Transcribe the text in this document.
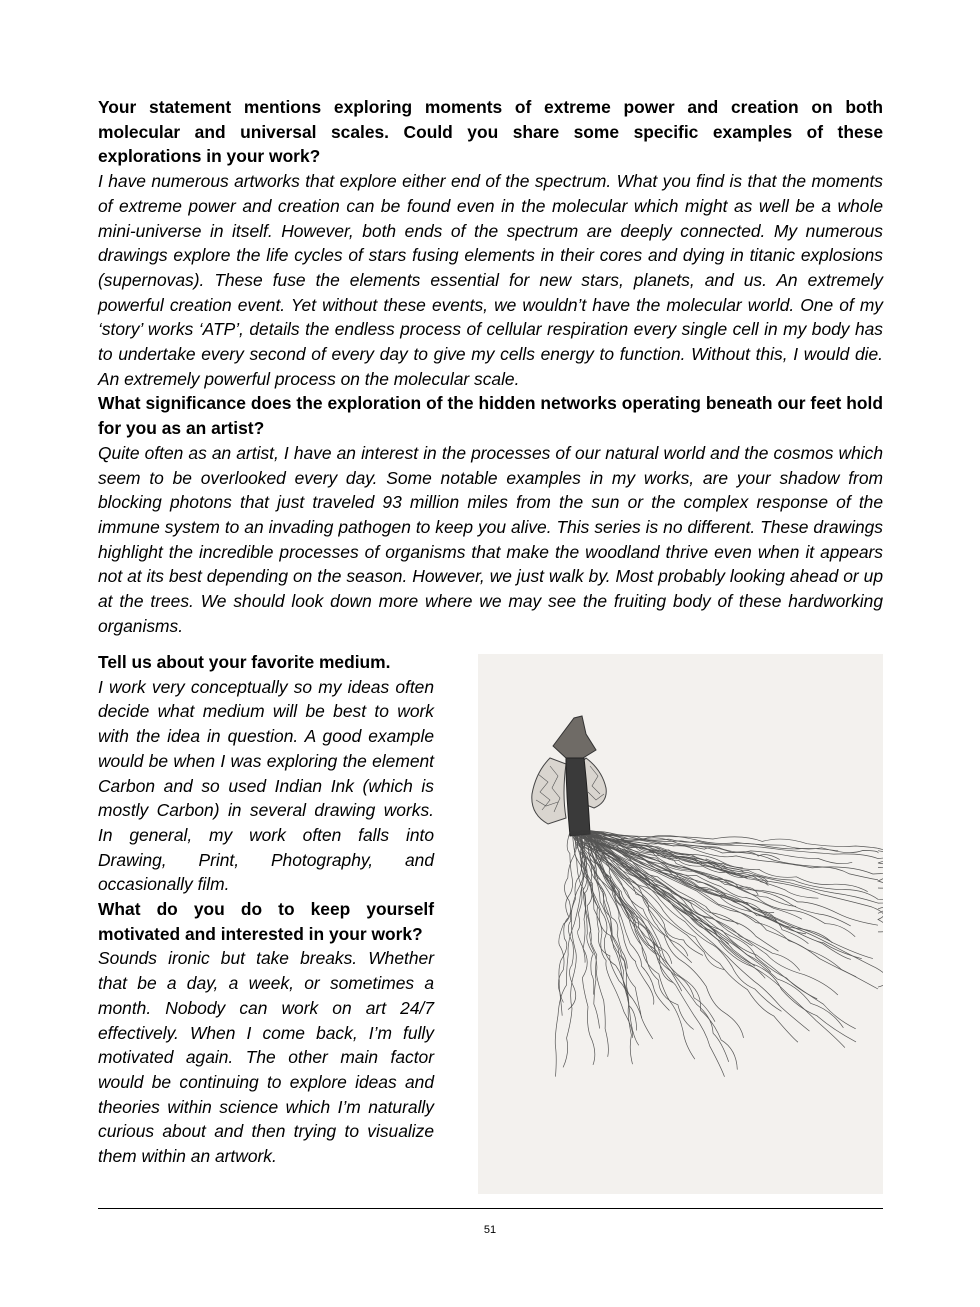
Your statement mentions exploring moments of extreme power and creation on both molecular and universal scales. Could you share some specific examples of these explorations in your work?

I have numerous artworks that explore either end of the spectrum. What you find is that the moments of extreme power and creation can be found even in the molecular which might as well be a whole mini-universe in itself. However, both ends of the spectrum are deeply connected. My numerous drawings explore the life cycles of stars fusing elements in their cores and dying in titanic explosions (supernovas). These fuse the elements essential for new stars, planets, and us. An extremely powerful creation event. Yet without these events, we wouldn’t have the molecular world. One of my ‘story’ works ‘ATP’, details the endless process of cellular respiration every single cell in my body has to undertake every second of every day to give my cells energy to function. Without this, I would die. An extremely powerful process on the molecular scale.

What significance does the exploration of the hidden networks operating beneath our feet hold for you as an artist?

Quite often as an artist, I have an interest in the processes of our natural world and the cosmos which seem to be overlooked every day. Some notable examples in my works, are your shadow from blocking photons that just traveled 93 million miles from the sun or the complex response of the immune system to an invading pathogen to keep you alive. This series is no different. These drawings highlight the incredible processes of organisms that make the woodland thrive even when it appears not at its best depending on the season. However, we just walk by. Most probably looking ahead or up at the trees. We should look down more where we may see the fruiting body of these hardworking organisms.

Tell us about your favorite medium.

I work very conceptually so my ideas often decide what medium will be best to work with the idea in question. A good example would be when I was exploring the element Carbon and so used Indian Ink (which is mostly Carbon) in several drawing works. In general, my work often falls into Drawing, Print, Photography, and occasionally film.

What do you do to keep yourself motivated and interested in your work?

Sounds ironic but take breaks. Whether that be a day, a week, or sometimes a month. Nobody can work on art 24/7 effectively. When I come back, I’m fully motivated again. The other main factor would be continuing to explore ideas and theories within science which I’m naturally curious about and then trying to visualize them within an artwork.

51
